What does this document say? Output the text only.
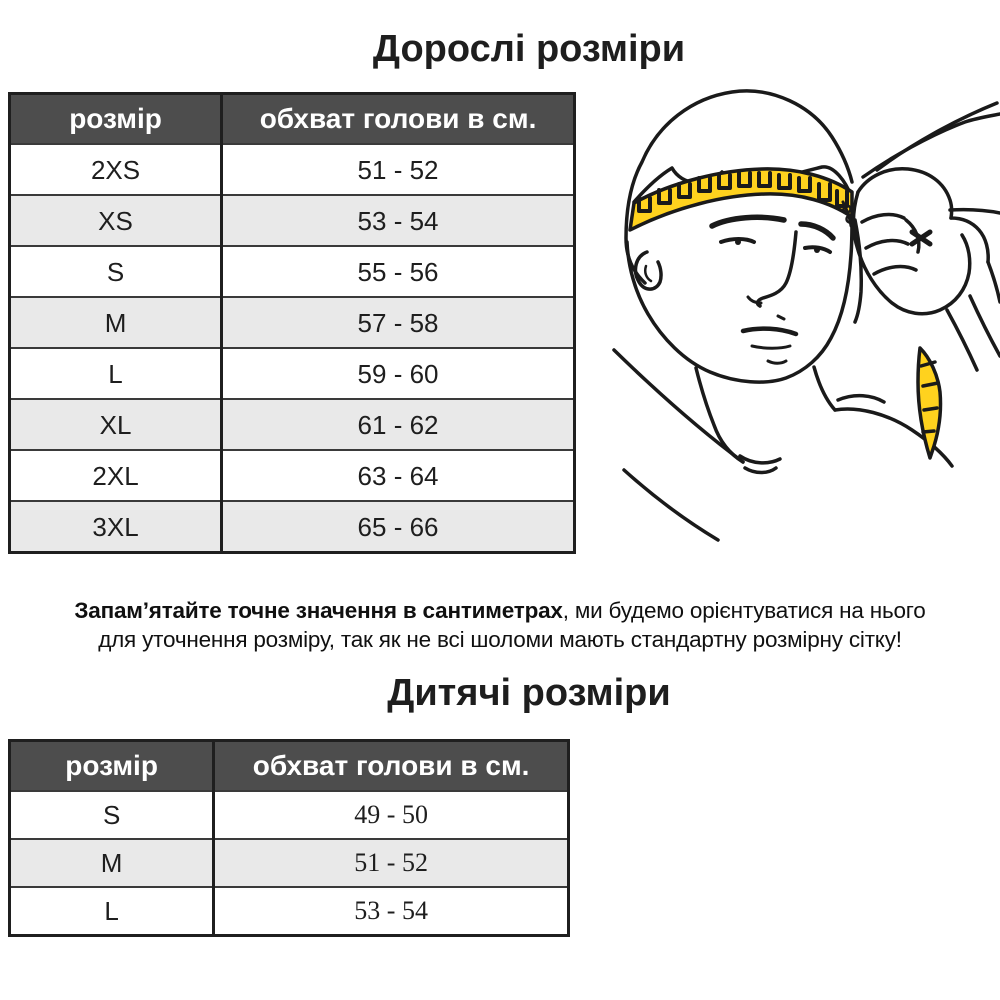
Дорослі розміри
розмір	обхват голови в см.
2XS	51 - 52
XS	53 - 54
S	55 - 56
M	57 - 58
L	59 - 60
XL	61 - 62
2XL	63 - 64
3XL	65 - 66
Запам’ятайте точне значення в сантиметрах, ми будемо орієнтуватися на нього
для уточнення розміру, так як не всі шоломи мають стандартну розмірну сітку!
Дитячі розміри
розмір	обхват голови в см.
S	49 - 50
M	51 - 52
L	53 - 54
